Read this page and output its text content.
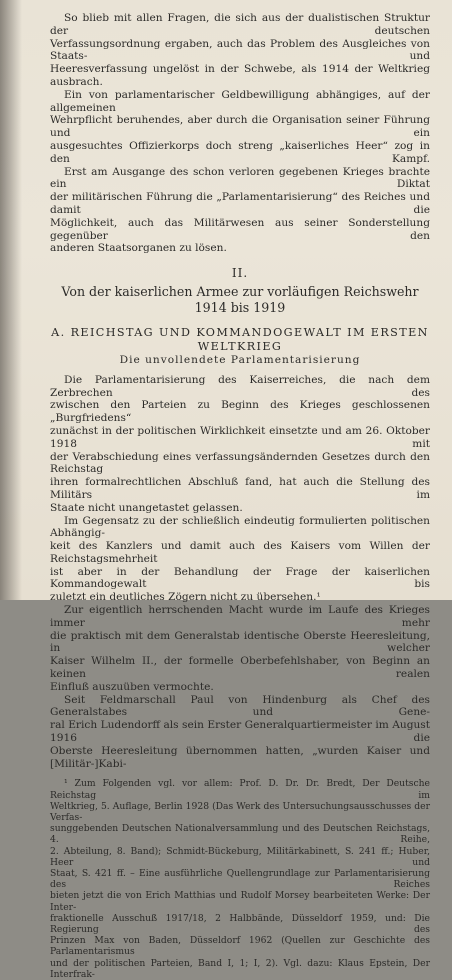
So blieb mit allen Fragen, die sich aus der dualistischen Struktur der deutschen
Verfassungsordnung ergaben, auch das Problem des Ausgleiches von Staats- und
Heeresverfassung ungelöst in der Schwebe, als 1914 der Weltkrieg ausbrach.
Ein von parlamentarischer Geldbewilligung abhängiges, auf der allgemeinen
Wehrpflicht beruhendes, aber durch die Organisation seiner Führung und ein
ausgesuchtes Offizierkorps doch streng „kaiserliches Heer“ zog in den Kampf.
Erst am Ausgange des schon verloren gegebenen Krieges brachte ein Diktat
der militärischen Führung die „Parlamentarisierung“ des Reiches und damit die
Möglichkeit, auch das Militärwesen aus seiner Sonderstellung gegenüber den
anderen Staatsorganen zu lösen.
II.
Von der kaiserlichen Armee zur vorläufigen Reichswehr
1914 bis 1919
A. REICHSTAG UND KOMMANDOGEWALT IM ERSTEN
WELTKRIEG
Die unvollendete Parlamentarisierung
Die Parlamentarisierung des Kaiserreiches, die nach dem Zerbrechen des
zwischen den Parteien zu Beginn des Krieges geschlossenen „Burgfriedens“
zunächst in der politischen Wirklichkeit einsetzte und am 26. Oktober 1918 mit
der Verabschiedung eines verfassungsändernden Gesetzes durch den Reichstag
ihren formalrechtlichen Abschluß fand, hat auch die Stellung des Militärs im
Staate nicht unangetastet gelassen.
Im Gegensatz zu der schließlich eindeutig formulierten politischen Abhängig-
keit des Kanzlers und damit auch des Kaisers vom Willen der Reichstagsmehrheit
ist aber in der Behandlung der Frage der kaiserlichen Kommandogewalt bis
zuletzt ein deutliches Zögern nicht zu übersehen.¹
Zur eigentlich herrschenden Macht wurde im Laufe des Krieges immer mehr
die praktisch mit dem Generalstab identische Oberste Heeresleitung, in welcher
Kaiser Wilhelm II., der formelle Oberbefehlshaber, von Beginn an keinen realen
Einfluß auszuüben vermochte.
Seit Feldmarschall Paul von Hindenburg als Chef des Generalstabes und Gene-
ral Erich Ludendorff als sein Erster Generalquartiermeister im August 1916 die
Oberste Heeresleitung übernommen hatten, „wurden Kaiser und [Militär-]Kabi-
¹ Zum Folgenden vgl. vor allem: Prof. D. Dr. Dr. Bredt, Der Deutsche Reichstag im
Weltkrieg, 5. Auflage, Berlin 1928 (Das Werk des Untersuchungsausschusses der Verfas-
sunggebenden Deutschen Nationalversammlung und des Deutschen Reichstags, 4. Reihe,
2. Abteilung, 8. Band); Schmidt-Bückeburg, Militärkabinett, S. 241 ff.; Huber, Heer und
Staat, S. 421 ff. – Eine ausführliche Quellengrundlage zur Parlamentarisierung des Reiches
bieten jetzt die von Erich Matthias und Rudolf Morsey bearbeiteten Werke: Der Inter-
fraktionelle Ausschuß 1917/18, 2 Halbbände, Düsseldorf 1959, und: Die Regierung des
Prinzen Max von Baden, Düsseldorf 1962 (Quellen zur Geschichte des Parlamentarismus
und der politischen Parteien, Band I, 1; I, 2). Vgl. dazu: Klaus Epstein, Der Interfrak-
